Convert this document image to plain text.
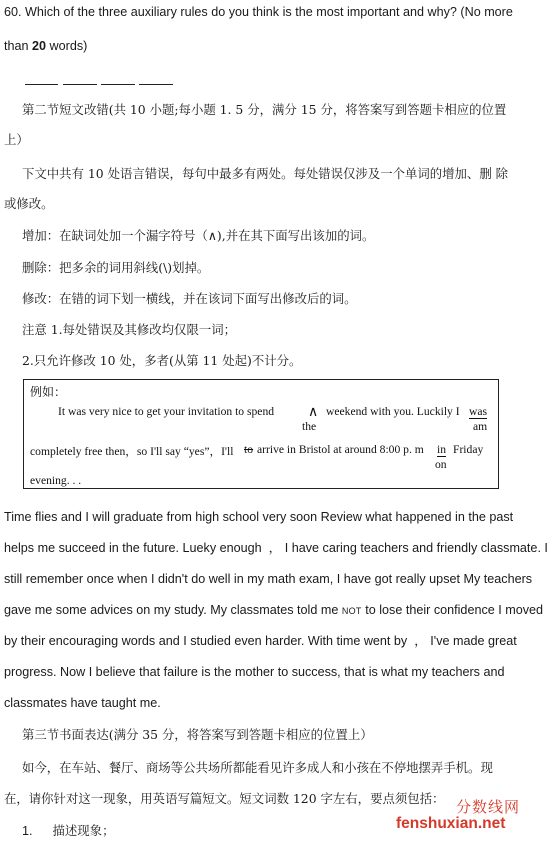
60. Which of the three auxiliary rules do you think is the most important and why? (No more
than 20 words)
第二节短文改错(共 10 小题;每小题 1. 5 分，满分 15 分，将答案写到答题卡相应的位置
上）
下文中共有 10 处语言错误，每句中最多有两处。每处错误仅涉及一个单词的增加、删 除
或修改。
增加：在缺词处加一个漏字符号（∧),并在其下面写出该加的词。
删除：把多余的词用斜线(\)划掉。
修改：在错的词下划一横线，并在该词下面写出修改后的词。
注意 1.每处错误及其修改均仅限一词；
2.只允许修改 10 处，多者(从第 11 处起)不计分。
例如：
It was very nice to get your invitation to spend ∧ weekend with you. Luckily I was
the	am
completely free then，so I'll say “yes”，I'll to arrive in Bristol at around 8:00 p. m in Friday
on
evening. . .
Time flies and I will graduate from high school very soon Review what happened in the past
helps me succeed in the future. Lueky enough  ， I have caring teachers and friendly classmate. I
still remember once when I didn't do well in my math exam, I have got really upset My teachers
gave me some advices on my study. My classmates told me NOT to lose their confidence I moved
by their encouraging words and I studied even harder. With time went by  ， I've made great
progress. Now I believe that failure is the mother to success, that is what my teachers and
classmates have taught me.
第三节书面表达(满分 35 分，将答案写到答题卡相应的位置上）
如今，在车站、餐厅、商场等公共场所都能看见许多成人和小孩在不停地摆弄手机。现
在，请你针对这一现象，用英语写篇短文。短文词数 120 字左右，要点须包括：
1. 描述现象；
分数线网
fenshuxian.net
